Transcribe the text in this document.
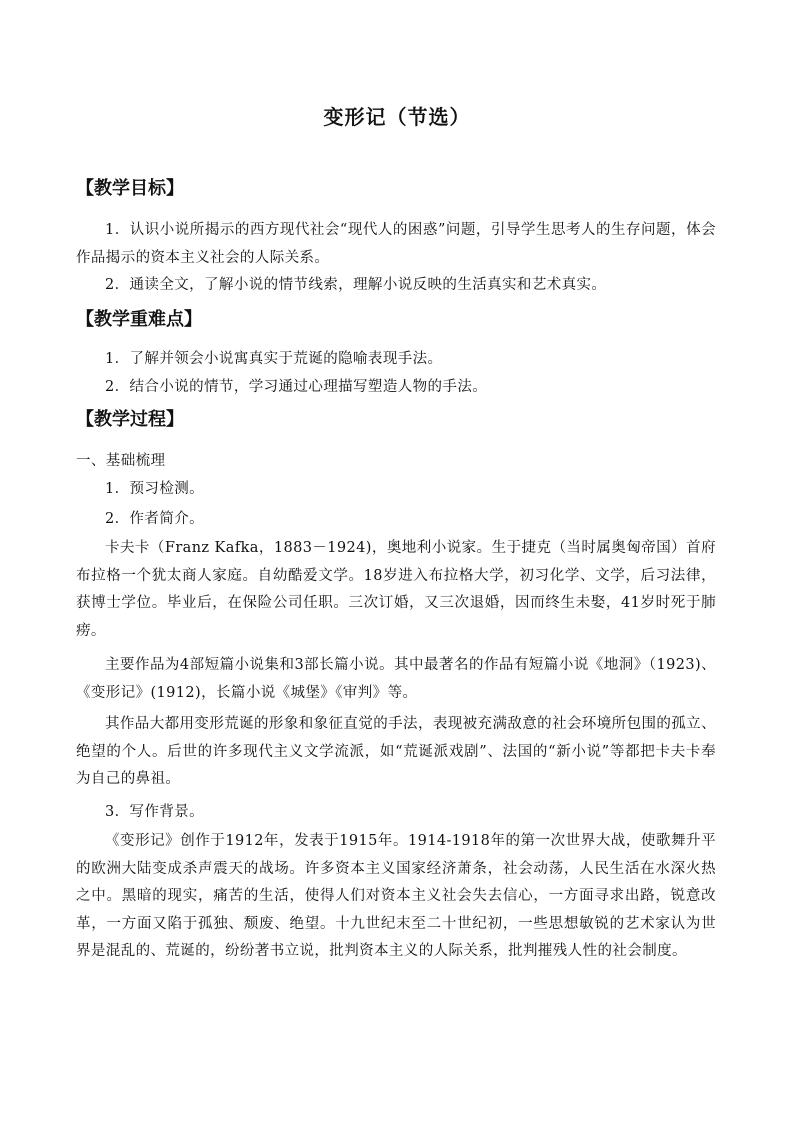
变形记（节选）
【教学目标】
1．认识小说所揭示的西方现代社会“现代人的困惑”问题，引导学生思考人的生存问题，体会作品揭示的资本主义社会的人际关系。
2．通读全文，了解小说的情节线索，理解小说反映的生活真实和艺术真实。
【教学重难点】
1．了解并领会小说寓真实于荒诞的隐喻表现手法。
2．结合小说的情节，学习通过心理描写塑造人物的手法。
【教学过程】
一、基础梳理
1．预习检测。
2．作者简介。
卡夫卡（Franz Kafka，1883－1924)，奥地利小说家。生于捷克（当时属奥匈帝国）首府布拉格一个犹太商人家庭。自幼酷爱文学。18岁进入布拉格大学，初习化学、文学，后习法律，获博士学位。毕业后，在保险公司任职。三次订婚，又三次退婚，因而终生未娶，41岁时死于肺痨。
主要作品为4部短篇小说集和3部长篇小说。其中最著名的作品有短篇小说《地洞》（1923)、《变形记》(1912)，长篇小说《城堡》《审判》等。
其作品大都用变形荒诞的形象和象征直觉的手法，表现被充满敌意的社会环境所包围的孤立、绝望的个人。后世的许多现代主义文学流派，如“荒诞派戏剧”、法国的“新小说”等都把卡夫卡奉为自己的鼻祖。
3．写作背景。
《变形记》创作于1912年，发表于1915年。1914-1918年的第一次世界大战，使歌舞升平的欧洲大陆变成杀声震天的战场。许多资本主义国家经济萧条，社会动荡，人民生活在水深火热之中。黑暗的现实，痛苦的生活，使得人们对资本主义社会失去信心，一方面寻求出路，锐意改革，一方面又陷于孤独、颓废、绝望。十九世纪末至二十世纪初，一些思想敏锐的艺术家认为世界是混乱的、荒诞的，纷纷著书立说，批判资本主义的人际关系，批判摧残人性的社会制度。
